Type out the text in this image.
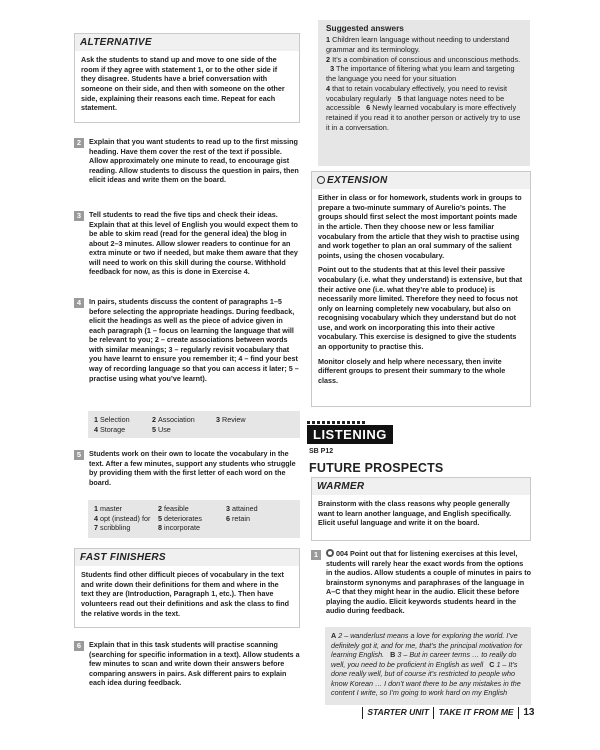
ALTERNATIVE
Ask the students to stand up and move to one side of the room if they agree with statement 1, or to the other side if they disagree. Students have a brief conversation with someone on their side, and then with someone on the other side, explaining their reasons each time. Repeat for each statement.
2	Explain that you want students to read up to the first missing heading. Have them cover the rest of the text if possible. Allow approximately one minute to read, to encourage gist reading. Allow students to discuss the question in pairs, then elicit ideas and write them on the board.
3	Tell students to read the five tips and check their ideas. Explain that at this level of English you would expect them to be able to skim read (read for the general idea) the blog in about 2–3 minutes. Allow slower readers to continue for an extra minute or two if needed, but make them aware that they will need to work on this skill during the course. Withhold feedback for now, as this is done in Exercise 4.
4	In pairs, students discuss the content of paragraphs 1–5 before selecting the appropriate headings. During feedback, elicit the headings as well as the piece of advice given in each paragraph (1 – focus on learning the language that will be relevant to you; 2 – create associations between words with similar meanings; 3 – regularly revisit vocabulary that you have learnt to ensure you remember it; 4 – find your best way of recording language so that you can access it later; 5 – practise using what you’ve learnt).
1 Selection	2 Association	3 Review
4 Storage	5 Use
5	Students work on their own to locate the vocabulary in the text. After a few minutes, support any students who struggle by providing them with the first letter of each word on the board.
1 master	2 feasible	3 attained
4 opt (instead) for 5 deteriorates	6 retain
7 scribbling	8 incorporate
FAST FINISHERS
Students find other difficult pieces of vocabulary in the text and write down their definitions for them and where in the text they are (Introduction, Paragraph 1, etc.). Then have volunteers read out their definitions and ask the class to find the relative words in the text.
6	Explain that in this task students will practise scanning (searching for specific information in a text). Allow students a few minutes to scan and write down their answers before comparing answers in pairs. Ask different pairs to explain each idea during feedback.
Suggested answers
1 Children learn language without needing to understand grammar and its terminology.
2 It’s a combination of conscious and unconscious methods.   3 The importance of filtering what you learn and targeting the language you need for your situation
4 that to retain vocabulary effectively, you need to revisit vocabulary regularly 5 that language notes need to be accessible 6 Newly learned vocabulary is more effectively retained if you read it to another person or actively try to use it in a conversation.
EXTENSION

Either in class or for homework, students work in groups to prepare a two-minute summary of Aurelio’s points. The groups should first select the most important points made in the article. Then they choose new or less familiar vocabulary from the article that they wish to practise using and work together to plan an oral summary of the salient points, using the chosen vocabulary.

Point out to the students that at this level their passive vocabulary (i.e. what they understand) is extensive, but that their active one (i.e. what they’re able to produce) is necessarily more limited. Therefore they need to focus not only on learning completely new vocabulary, but also on recognising vocabulary which they understand but do not use, and work on incorporating this into their active vocabulary. This exercise is designed to give the students an opportunity to practise this.

Monitor closely and help where necessary, then invite different groups to present their summary to the whole class.

LISTENING
SB P12
FUTURE PROSPECTS
WARMER
Brainstorm with the class reasons why people generally want to learn another language, and English specifically. Elicit useful language and write it on the board.
1	004 Point out that for listening exercises at this level, students will rarely hear the exact words from the options in the audios. Allow students a couple of minutes in pairs to brainstorm synonyms and paraphrases of the language in A–C that they might hear in the audio. Elicit these before playing the audio. Elicit keywords students heard in the audio during feedback.
A 2 – wanderlust means a love for exploring the world. I’ve definitely got it, and for me, that’s the principal motivation for learning English. B 3 – But in career terms … to really do well, you need to be proficient in English as well C 1 – It’s done really well, but of course it’s restricted to people who know Korean … I don’t want there to be any mistakes in the content I write, so I’m going to work hard on my English
STARTER UNIT TAKE IT FROM ME 13
